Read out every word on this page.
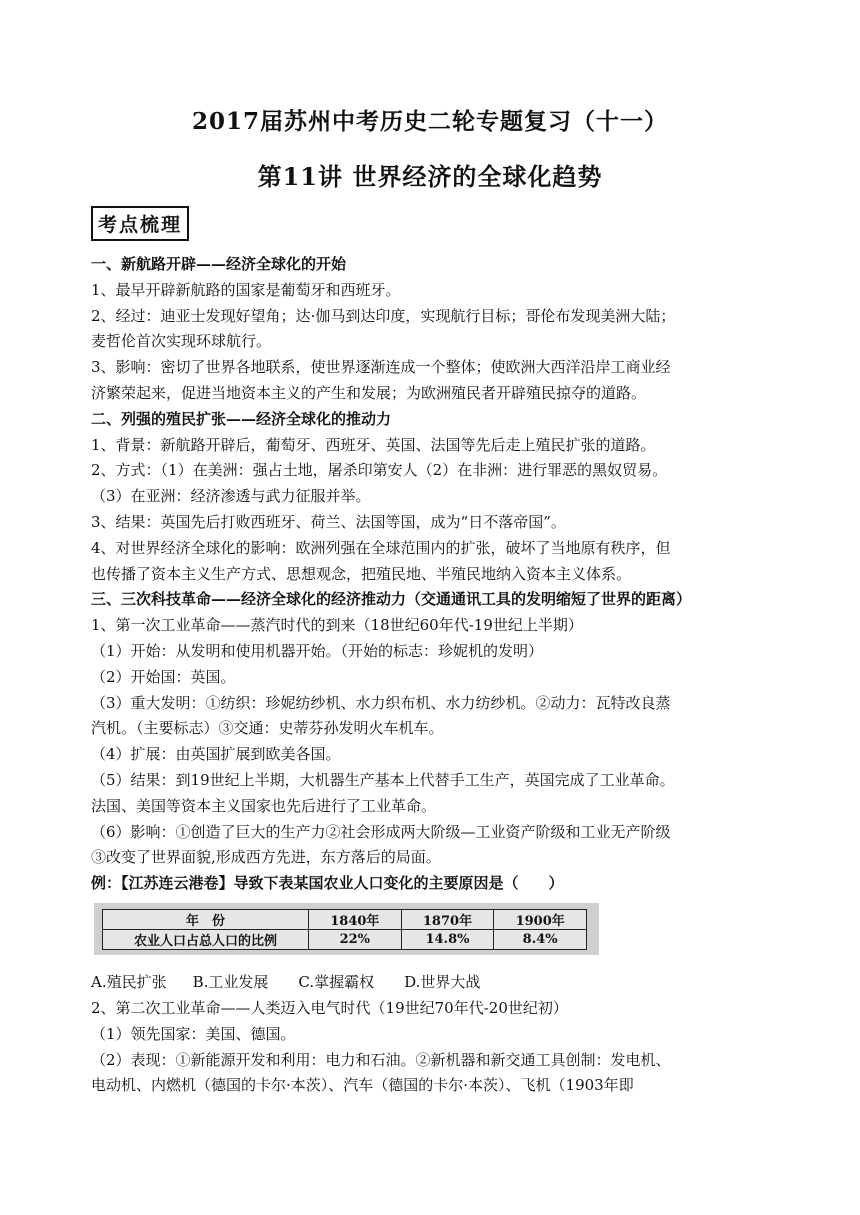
2017届苏州中考历史二轮专题复习（十一）
第11讲 世界经济的全球化趋势
考点梳理

一、新航路开辟——经济全球化的开始

1、最早开辟新航路的国家是葡萄牙和西班牙。

2、经过：迪亚士发现好望角；达·伽马到达印度，实现航行目标；哥伦布发现美洲大陆；

麦哲伦首次实现环球航行。

3、影响：密切了世界各地联系，使世界逐渐连成一个整体；使欧洲大西洋沿岸工商业经

济繁荣起来，促进当地资本主义的产生和发展；为欧洲殖民者开辟殖民掠夺的道路。

二、列强的殖民扩张——经济全球化的推动力

1、背景：新航路开辟后，葡萄牙、西班牙、英国、法国等先后走上殖民扩张的道路。

2、方式：（1）在美洲：强占土地，屠杀印第安人（2）在非洲：进行罪恶的黑奴贸易。

（3）在亚洲：经济渗透与武力征服并举。

3、结果：英国先后打败西班牙、荷兰、法国等国，成为“日不落帝国”。

4、对世界经济全球化的影响：欧洲列强在全球范围内的扩张，破坏了当地原有秩序，但

也传播了资本主义生产方式、思想观念，把殖民地、半殖民地纳入资本主义体系。

三、三次科技革命——经济全球化的经济推动力（交通通讯工具的发明缩短了世界的距离）

1、第一次工业革命——蒸汽时代的到来（18世纪60年代-19世纪上半期）

（1）开始：从发明和使用机器开始。（开始的标志：珍妮机的发明）

（2）开始国：英国。

（3）重大发明：①纺织：珍妮纺纱机、水力织布机、水力纺纱机。②动力：瓦特改良蒸

汽机。（主要标志）③交通：史蒂芬孙发明火车机车。

（4）扩展：由英国扩展到欧美各国。

（5）结果：到19世纪上半期，大机器生产基本上代替手工生产，英国完成了工业革命。

法国、美国等资本主义国家也先后进行了工业革命。

（6）影响：①创造了巨大的生产力②社会形成两大阶级—工业资产阶级和工业无产阶级

③改变了世界面貌,形成西方先进，东方落后的局面。

例：【江苏连云港卷】导致下表某国农业人口变化的主要原因是（　　）

年　份	1840年	1870年	1900年
农业人口占总人口的比例	22%	14.8%	8.4%
A.殖民扩张 B.工业发展 C.掌握霸权 D.世界大战

2、第二次工业革命——人类迈入电气时代（19世纪70年代-20世纪初）

（1）领先国家：美国、德国。

（2）表现：①新能源开发和利用：电力和石油。②新机器和新交通工具创制：发电机、

电动机、内燃机（德国的卡尔·本茨）、汽车（德国的卡尔·本茨）、飞机（1903年即
